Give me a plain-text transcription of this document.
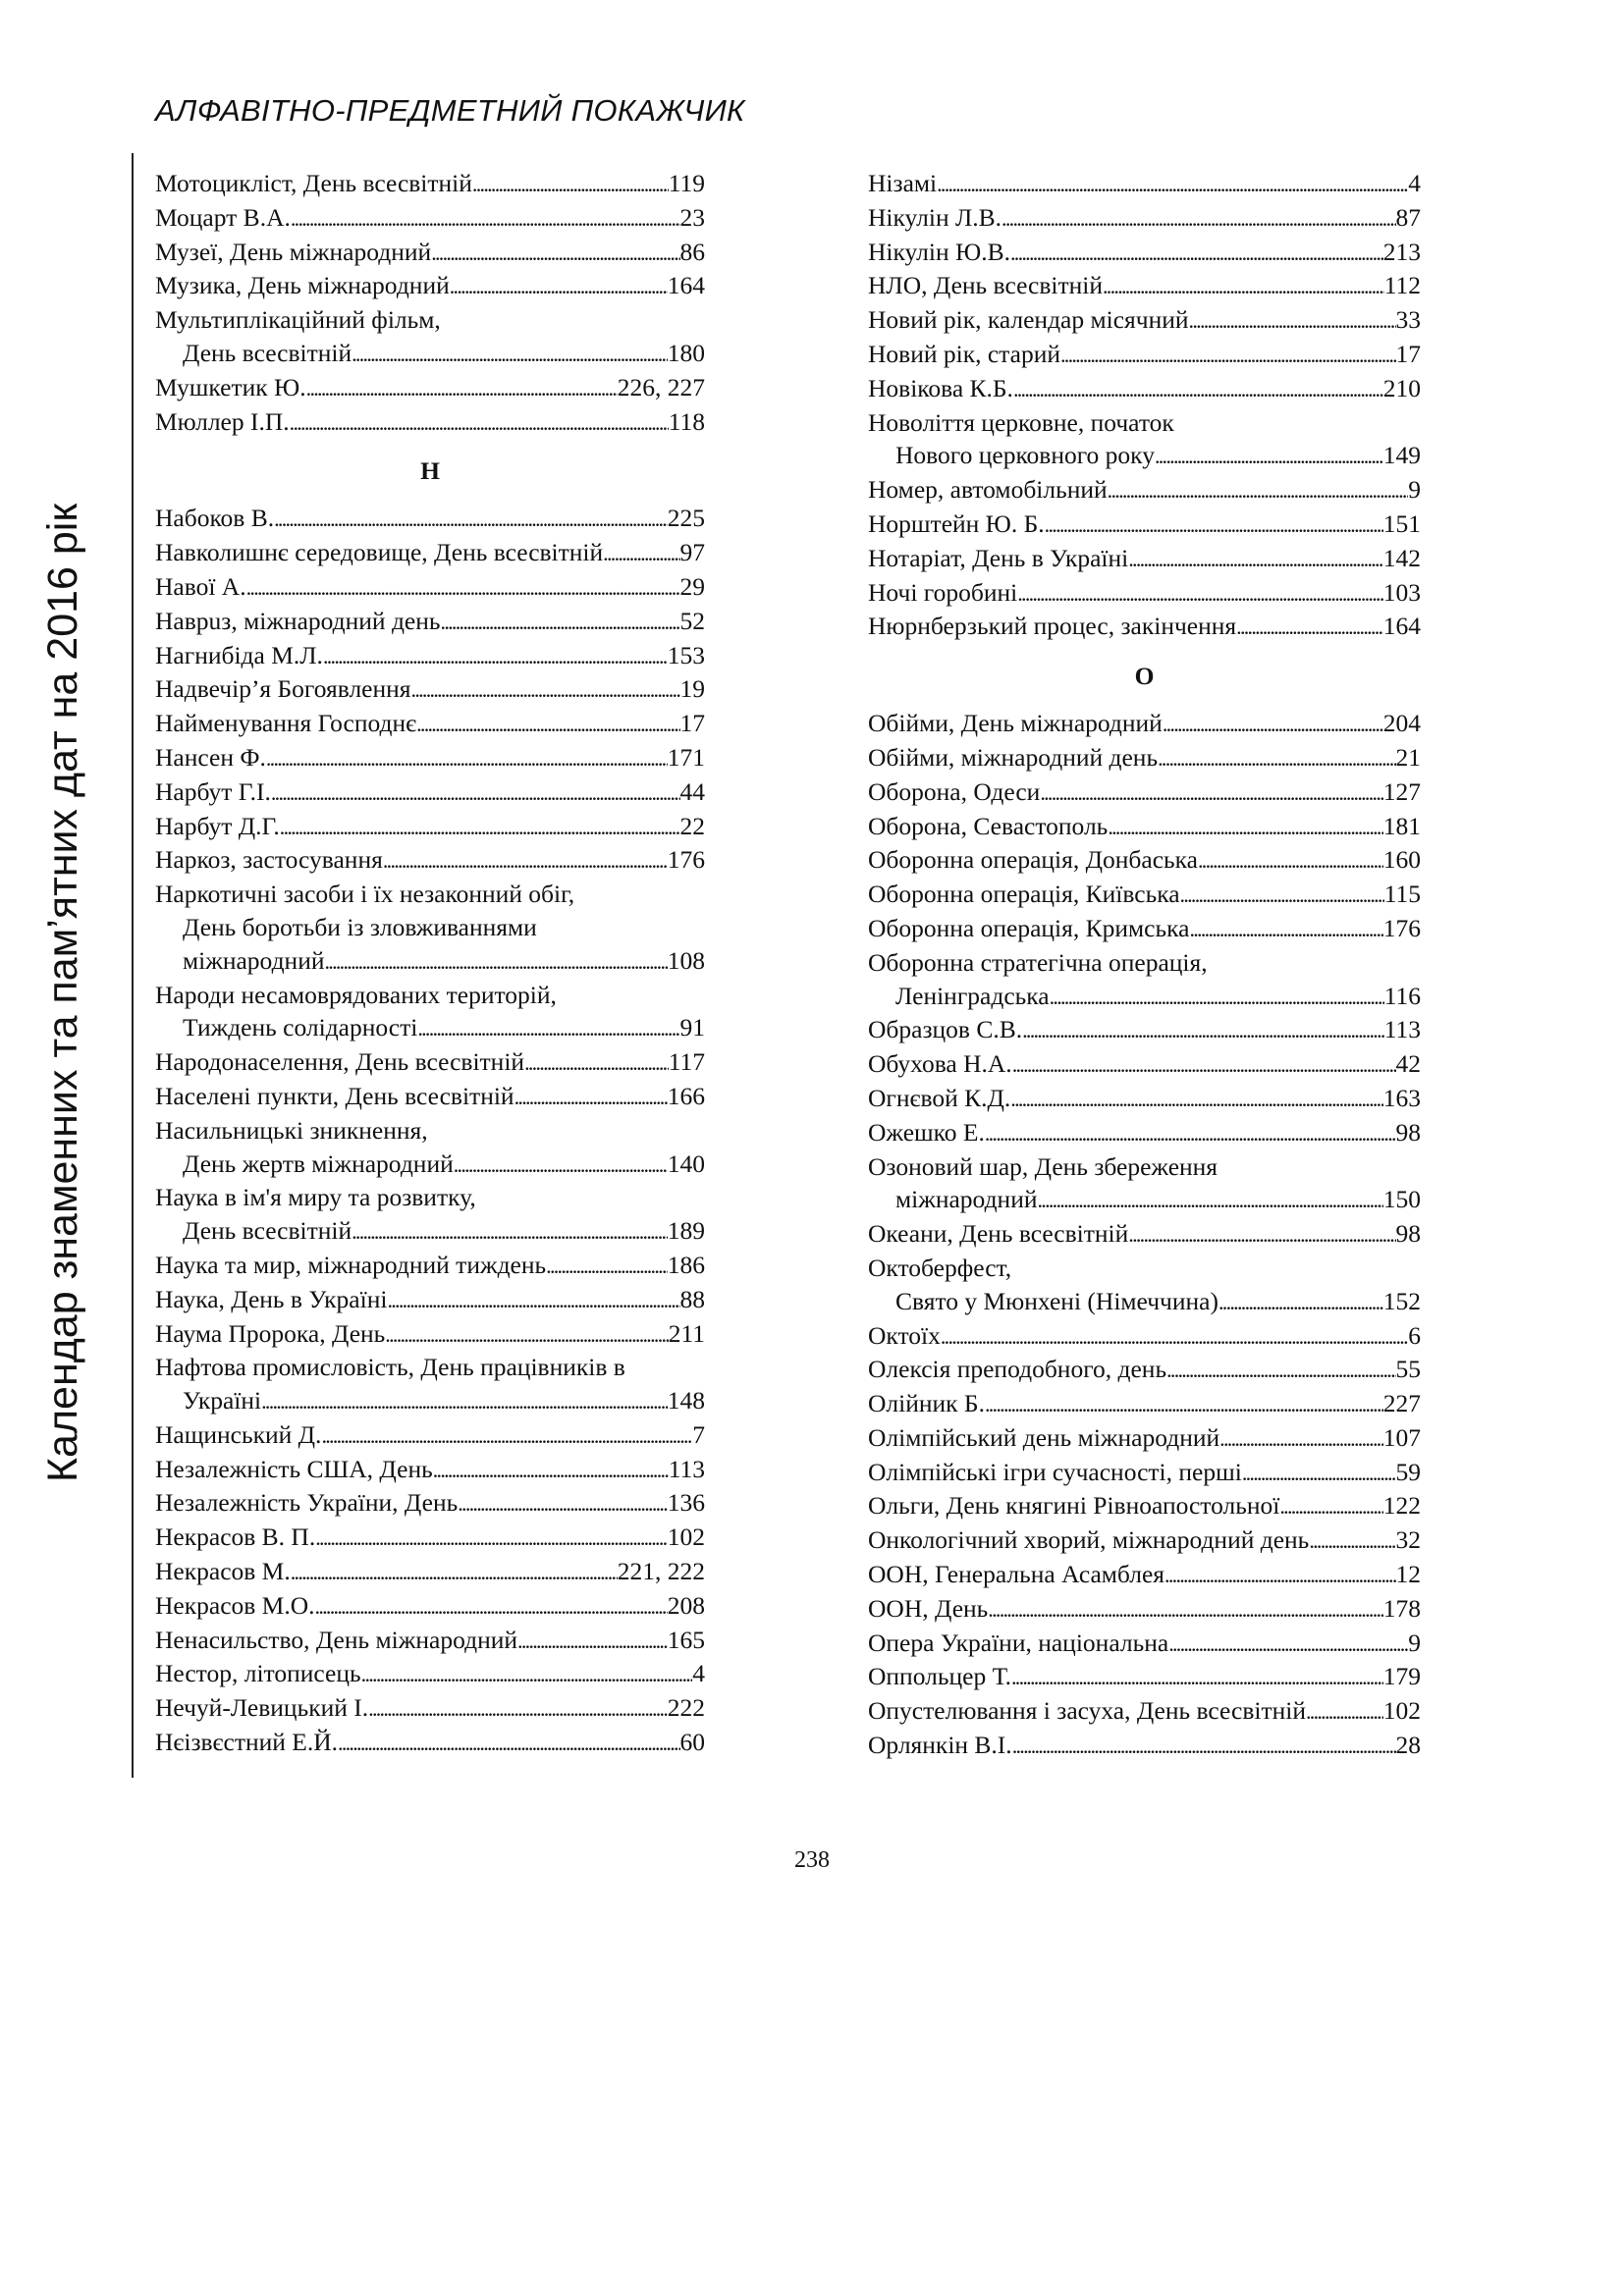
АЛФАВІТНО-ПРЕДМЕТНИЙ ПОКАЖЧИК
Календар знаменних та пам’ятних дат на 2016 рік
Мотоцикліст, День всесвітній . . .	119
Моцарт В.А. . . .	23
Музеї, День міжнародний . . .	86
Музика, День міжнародний . . .	164
Мультиплікаційний фільм,
День всесвітній . . .	180
Мушкетик Ю. . . .	226, 227
Мюллер І.П. . . .	118
Н
Набоков В. . . .	225
Навколишнє середовище, День всесвітній . . .	97
Навої А. . . .	29
Наврuз, міжнародний день . . .	52
Нагнибіда М.Л. . . .	153
Надвечір’я Богоявлення . . .	19
Найменування Господнє . . .	17
Нансен Ф. . . .	171
Нарбут Г.І. . . .	44
Нарбут Д.Г. . . .	22
Наркоз, застосування . . .	176
Наркотичні засоби і їх незаконний обіг,
День боротьби із зловживаннями
міжнародний . . .	108
Народи несамоврядованих територій,
Тиждень солідарності . . .	91
Народонаселення, День всесвітній . . .	117
Населені пункти, День всесвітній . . .	166
Насильницькі зникнення,
День жертв міжнародний . . .	140
Наука в ім'я миру та розвитку,
День всесвітній . . .	189
Наука та мир, міжнародний тиждень . . .	186
Наука, День в Україні . . .	88
Наума Пророка, День . . .	211
Нафтова промисловість, День працівників в
Україні . . .	148
Нащинський Д. . . .	7
Незалежність США, День . . .	113
Незалежність України, День . . .	136
Некрасов В. П. . . .	102
Некрасов М. . . .	221, 222
Некрасов М.О. . . .	208
Ненасильство, День міжнародний . . .	165
Нестор, літописець . . .	4
Нечуй-Левицький І. . . .	222
Нєізвєстний Е.Й. . . .	60
Нізамі . . .	4
Нікулін Л.В. . . .	87
Нікулін Ю.В. . . .	213
НЛО, День всесвітній . . .	112
Новий рік, календар місячний . . .	33
Новий рік, старий . . .	17
Новікова К.Б. . . .	210
Новоліття церковне, початок
Нового церковного року . . .	149
Номер, автомобільний . . .	9
Норштейн Ю. Б. . . .	151
Нотаріат, День в Україні . . .	142
Ночі горобині . . .	103
Нюрнберзький процес, закінчення . . .	164
О
Обійми, День міжнародний . . .	204
Обійми, міжнародний день . . .	21
Оборона, Одеси . . .	127
Оборона, Севастополь . . .	181
Оборонна операція, Донбаська . . .	160
Оборонна операція, Київська . . .	115
Оборонна операція, Кримська . . .	176
Оборонна стратегічна операція,
Ленінградська . . .	116
Образцов С.В. . . .	113
Обухова Н.А. . . .	42
Огнєвой К.Д. . . .	163
Ожешко Е. . . .	98
Озоновий шар, День збереження
міжнародний . . .	150
Океани, День всесвітній . . .	98
Октоберфест,
Свято у Мюнхені (Німеччина) . . .	152
Октоїх . . .	6
Олексія преподобного, день . . .	55
Олійник Б. . . .	227
Олімпійський день міжнародний . . .	107
Олімпійські ігри сучасності, перші . . .	59
Ольги, День княгині Рівноапостольної . . .	122
Онкологічний хворий, міжнародний день . . .	32
ООН, Генеральна Асамблея . . .	12
ООН, День . . .	178
Опера України, національна . . .	9
Оппольцер Т. . . .	179
Опустелювання і засуха, День всесвітній . . .	102
Орлянкін В.І. . . .	28
238
